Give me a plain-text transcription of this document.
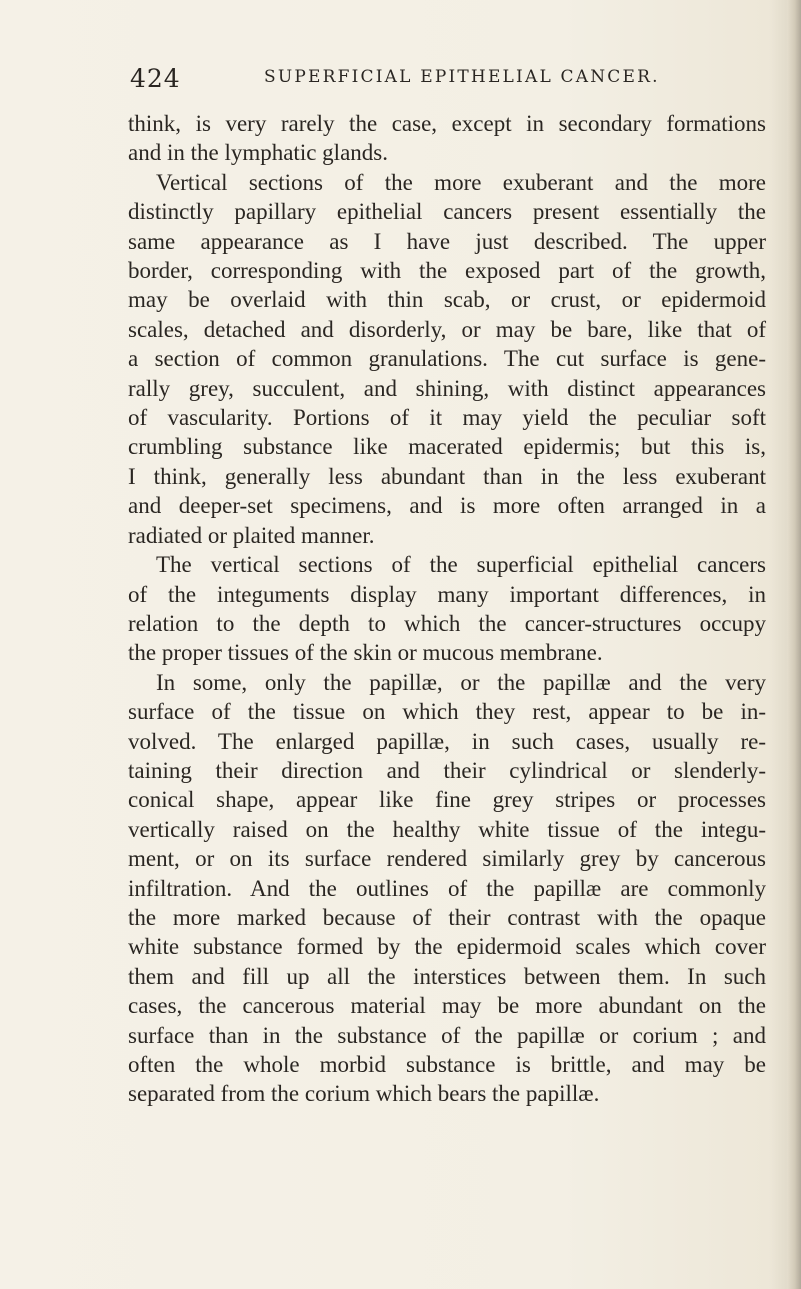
424	SUPERFICIAL EPITHELIAL CANCER.
think, is very rarely the case, except in secondary formations
and in the lymphatic glands.
Vertical sections of the more exuberant and the more
distinctly papillary epithelial cancers present essentially the
same appearance as I have just described. The upper
border, corresponding with the exposed part of the growth,
may be overlaid with thin scab, or crust, or epidermoid
scales, detached and disorderly, or may be bare, like that of
a section of common granulations. The cut surface is gene-
rally grey, succulent, and shining, with distinct appearances
of vascularity. Portions of it may yield the peculiar soft
crumbling substance like macerated epidermis; but this is,
I think, generally less abundant than in the less exuberant
and deeper-set specimens, and is more often arranged in a
radiated or plaited manner.
The vertical sections of the superficial epithelial cancers
of the integuments display many important differences, in
relation to the depth to which the cancer-structures occupy
the proper tissues of the skin or mucous membrane.
In some, only the papillæ, or the papillæ and the very
surface of the tissue on which they rest, appear to be in-
volved. The enlarged papillæ, in such cases, usually re-
taining their direction and their cylindrical or slenderly-
conical shape, appear like fine grey stripes or processes
vertically raised on the healthy white tissue of the integu-
ment, or on its surface rendered similarly grey by cancerous
infiltration. And the outlines of the papillæ are commonly
the more marked because of their contrast with the opaque
white substance formed by the epidermoid scales which cover
them and fill up all the interstices between them. In such
cases, the cancerous material may be more abundant on the
surface than in the substance of the papillæ or corium ; and
often the whole morbid substance is brittle, and may be
separated from the corium which bears the papillæ.
